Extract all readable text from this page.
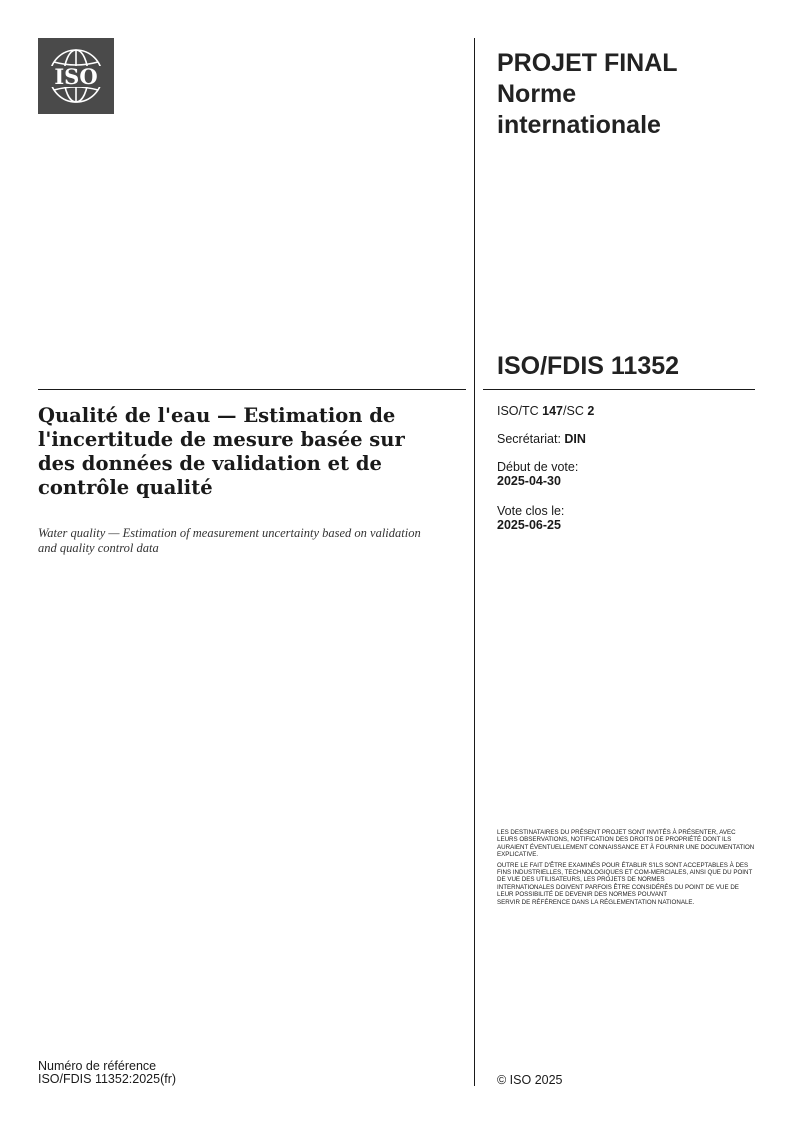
ISO	PROJET FINAL
Norme
internationale
ISO/FDIS 11352
Qualité de l'eau — Estimation de l'incertitude de mesure basée sur des données de validation et de contrôle qualité
Water quality — Estimation of measurement uncertainty based on validation and quality control data
ISO/TC 147/SC 2
Secrétariat: DIN
Début de vote:
2025-04-30
Vote clos le:
2025-06-25

LES DESTINATAIRES DU PRÉSENT PROJET SONT INVITÉS À PRÉSENTER, AVEC LEURS OBSERVATIONS, NOTIFICATION DES DROITS DE PROPRIÉTÉ DONT ILS AURAIENT ÉVENTUELLEMENT CONNAISSANCE ET À FOURNIR UNE DOCUMENTATION EXPLICATIVE.

OUTRE LE FAIT D'ÊTRE EXAMINÉS POUR ÉTABLIR S'ILS SONT ACCEPTABLES À DES FINS INDUSTRIELLES, TECHNOLOGIQUES ET COM-MERCIALES, AINSI QUE DU POINT DE VUE DES UTILISATEURS, LES PROJETS DE NORMES
INTERNATIONALES DOIVENT PARFOIS ÊTRE CONSIDÉRÉS DU POINT DE VUE DE LEUR POSSIBILITÉ DE DEVENIR DES NORMES POUVANT
SERVIR DE RÉFÉRENCE DANS LA RÉGLEMENTATION NATIONALE.
Numéro de référence
ISO/FDIS 11352:2025(fr)	© ISO 2025
